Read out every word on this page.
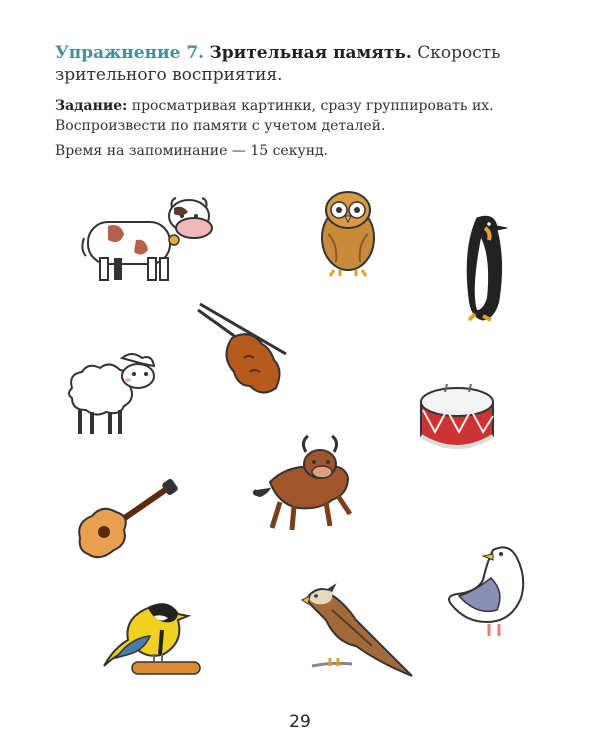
Упражнение 7. Зрительная память. Скорость зрительного восприятия.
Задание: просматривая картинки, сразу группировать их. Воспроизвести по памяти с учетом деталей.
Время на запоминание — 15 секунд.
29
